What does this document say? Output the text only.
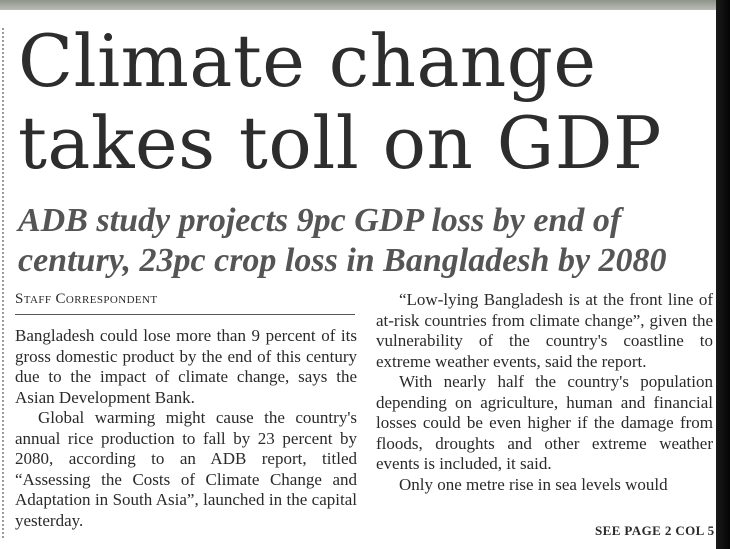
Climate change
takes toll on GDP
ADB study projects 9pc GDP loss by end of
century, 23pc crop loss in Bangladesh by 2080
Staff Correspondent

Bangladesh could lose more than 9 percent of its gross domestic product by the end of this century due to the impact of climate change, says the Asian Development Bank.

Global warming might cause the country's annual rice production to fall by 23 percent by 2080, according to an ADB report, titled “Assessing the Costs of Climate Change and Adaptation in South Asia”, launched in the capital yesterday.

“Low-lying Bangladesh is at the front line of at-risk countries from climate change”, given the vulnerability of the country's coastline to extreme weather events, said the report.

With nearly half the country's population depending on agriculture, human and financial losses could be even higher if the damage from floods, droughts and other extreme weather events is included, it said.

Only one metre rise in sea levels would

SEE PAGE 2 COL 5
